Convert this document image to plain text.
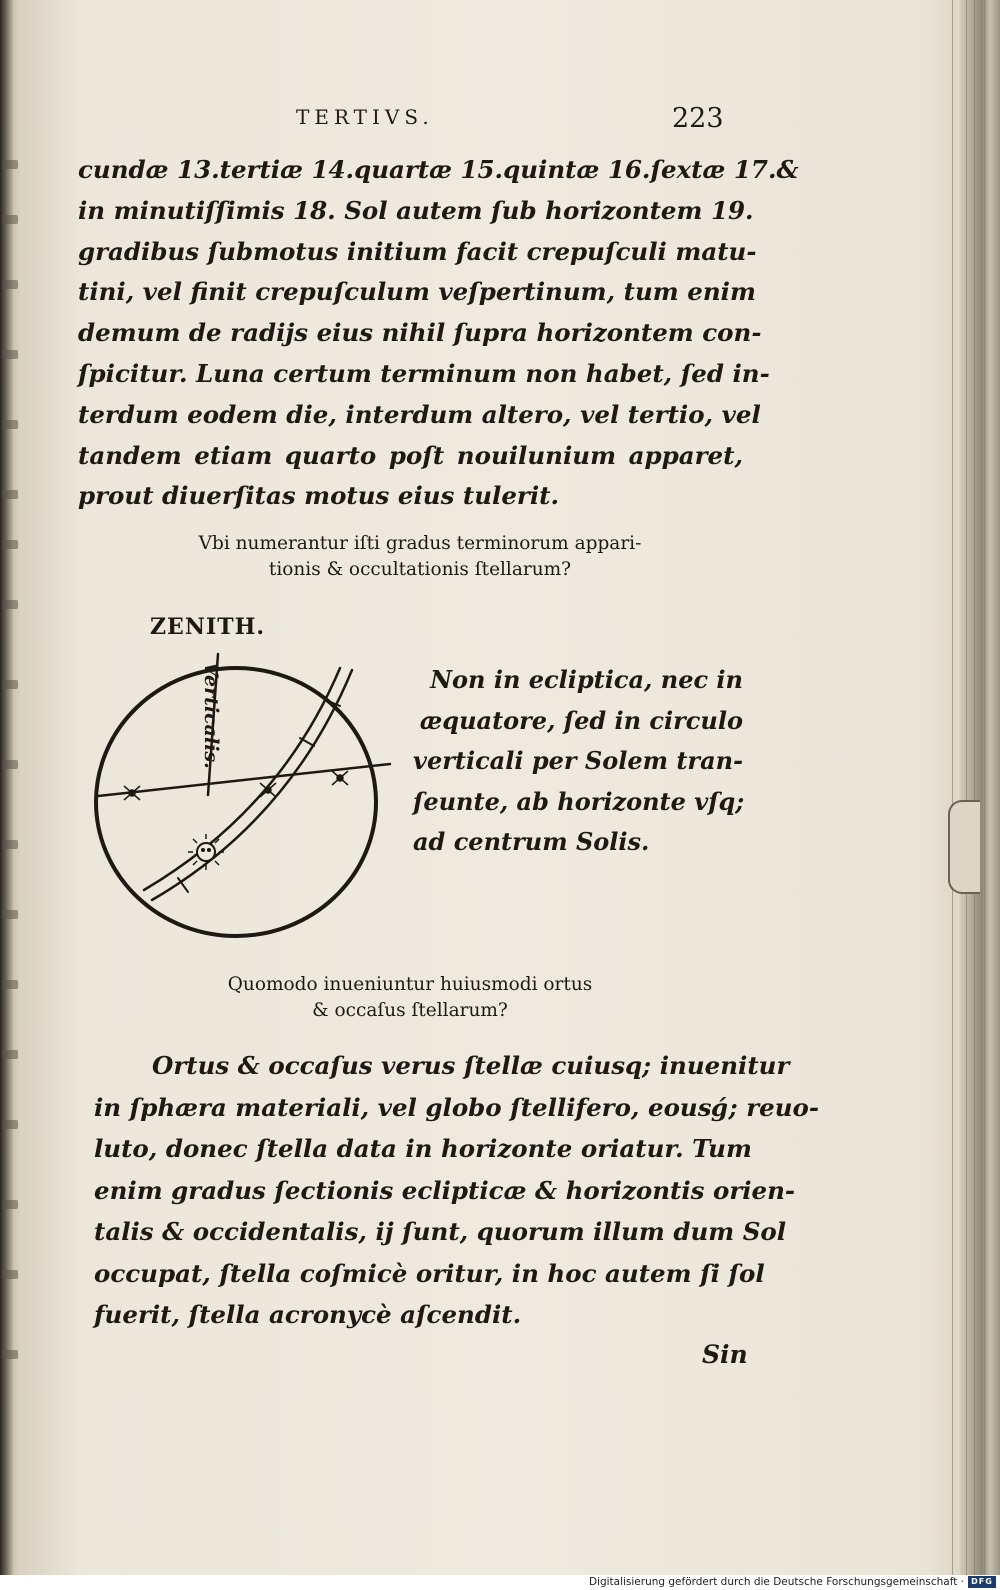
TERTIVS.	223

cundæ 13.tertiæ 14.quartæ 15.quintæ 16.ſextæ 17.&
in minutiſſimis 18. Sol autem ſub horizontem 19.
gradibus ſubmotus initium facit crepuſculi matu-
tini, vel finit crepuſculum veſpertinum, tum enim
demum de radijs eius nihil ſupra horizontem con-
ſpicitur. Luna certum terminum non habet, ſed in-
terdum eodem die, interdum altero, vel tertio, vel
tandem etiam quarto poſt nouilunium apparet,
prout diuerſitas motus eius tulerit.

Vbi numerantur iſti gradus terminorum appari-
tionis & occultationis ſtellarum?

ZENITH.
Verticalis.	Non in ecliptica, nec in
æquatore, ſed in circulo
verticali per Solem tran-
ſeunte, ab horizonte vſq;
ad centrum Solis.

Quomodo inueniuntur huiusmodi ortus
& occaſus ſtellarum?

Ortus & occaſus verus ſtellæ cuiusq; inuenitur
in ſphæra materiali, vel globo ſtellifero, eousǵ; reuo-
luto, donec ſtella data in horizonte oriatur. Tum
enim gradus ſectionis eclipticæ & horizontis orien-
talis & occidentalis, ij ſunt, quorum illum dum Sol
occupat, ſtella coſmicè oritur, in hoc autem ſi ſol
fuerit, ſtella acronycè aſcendit.

Sin
Digitalisierung gefördert durch die Deutsche Forschungsgemeinschaft · DFG
